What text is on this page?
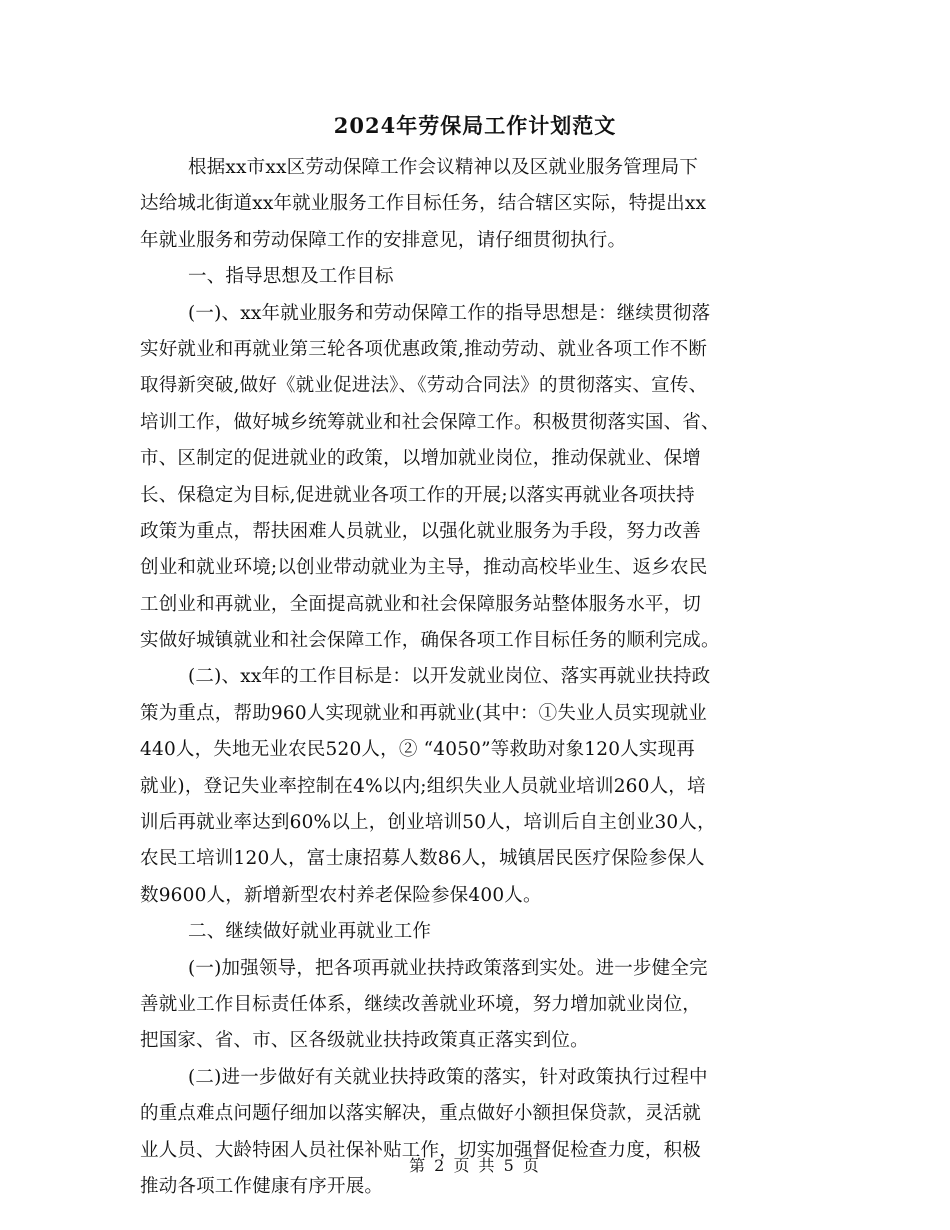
2024年劳保局工作计划范文
根据xx市xx区劳动保障工作会议精神以及区就业服务管理局下
达给城北街道xx年就业服务工作目标任务，结合辖区实际，特提出xx
年就业服务和劳动保障工作的安排意见，请仔细贯彻执行。
一、指导思想及工作目标
(一)、xx年就业服务和劳动保障工作的指导思想是：继续贯彻落
实好就业和再就业第三轮各项优惠政策,推动劳动、就业各项工作不断
取得新突破,做好《就业促进法》、《劳动合同法》的贯彻落实、宣传、
培训工作，做好城乡统筹就业和社会保障工作。积极贯彻落实国、省、
市、区制定的促进就业的政策，以增加就业岗位，推动保就业、保增
长、保稳定为目标,促进就业各项工作的开展;以落实再就业各项扶持
政策为重点，帮扶困难人员就业，以强化就业服务为手段，努力改善
创业和就业环境;以创业带动就业为主导，推动高校毕业生、返乡农民
工创业和再就业，全面提高就业和社会保障服务站整体服务水平，切
实做好城镇就业和社会保障工作，确保各项工作目标任务的顺利完成。
(二)、xx年的工作目标是：以开发就业岗位、落实再就业扶持政
策为重点，帮助960人实现就业和再就业(其中：①失业人员实现就业
440人，失地无业农民520人，② “4050”等救助对象120人实现再
就业)，登记失业率控制在4%以内;组织失业人员就业培训260人，培
训后再就业率达到60%以上，创业培训50人，培训后自主创业30人，
农民工培训120人，富士康招募人数86人，城镇居民医疗保险参保人
数9600人，新增新型农村养老保险参保400人。
二、继续做好就业再就业工作
(一)加强领导，把各项再就业扶持政策落到实处。进一步健全完
善就业工作目标责任体系，继续改善就业环境，努力增加就业岗位，
把国家、省、市、区各级就业扶持政策真正落实到位。
(二)进一步做好有关就业扶持政策的落实，针对政策执行过程中
的重点难点问题仔细加以落实解决，重点做好小额担保贷款，灵活就
业人员、大龄特困人员社保补贴工作，切实加强督促检查力度，积极
推动各项工作健康有序开展。
第 2 页 共 5 页
